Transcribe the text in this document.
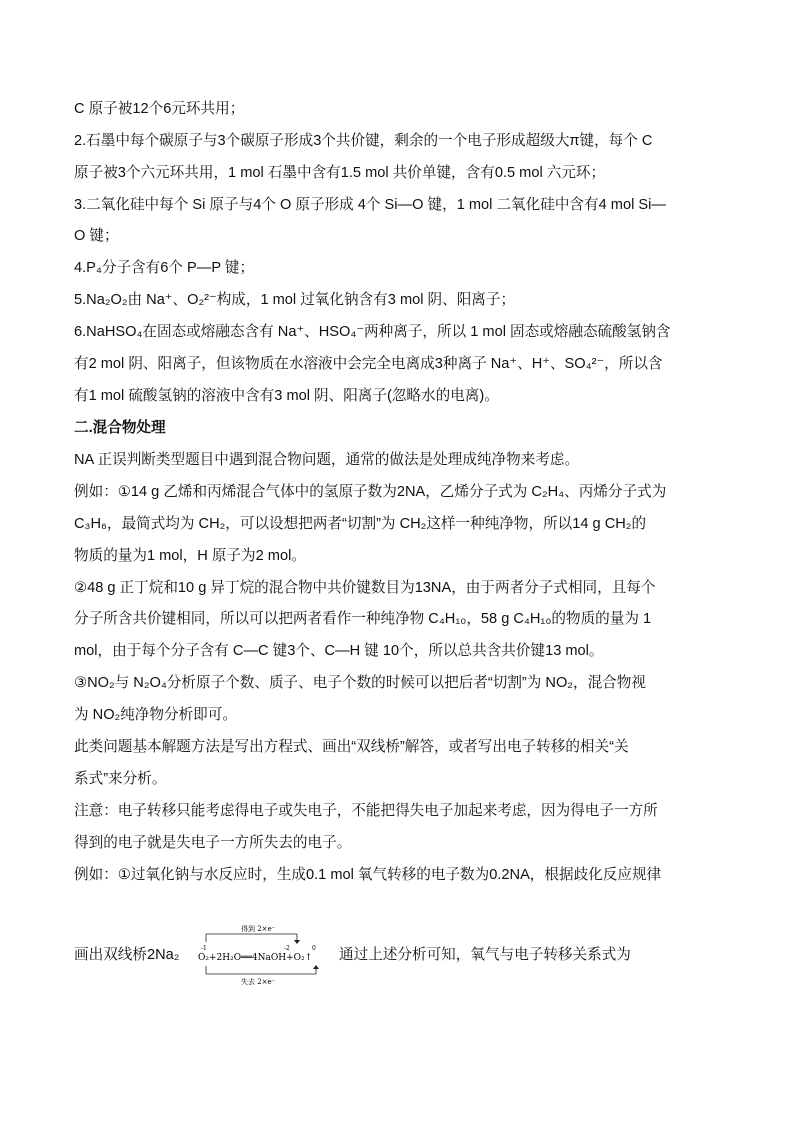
C 原子被12个6元环共用；
2.石墨中每个碳原子与3个碳原子形成3个共价键，剩余的一个电子形成超级大π键，每个 C
原子被3个六元环共用，1 mol 石墨中含有1.5 mol 共价单键，含有0.5 mol 六元环；
3.二氧化硅中每个 Si 原子与4个 O 原子形成 4个 Si—O 键，1 mol 二氧化硅中含有4 mol Si—
O 键；
4.P₄分子含有6个 P—P 键；
5.Na₂O₂由 Na⁺、O₂²⁻构成，1 mol 过氧化钠含有3 mol 阴、阳离子；
6.NaHSO₄在固态或熔融态含有 Na⁺、HSO₄⁻两种离子，所以 1 mol 固态或熔融态硫酸氢钠含
有2 mol 阴、阳离子，但该物质在水溶液中会完全电离成3种离子 Na⁺、H⁺、SO₄²⁻，所以含
有1 mol 硫酸氢钠的溶液中含有3 mol 阴、阳离子(忽略水的电离)。
二.混合物处理
NA 正误判断类型题目中遇到混合物问题，通常的做法是处理成纯净物来考虑。
例如：①14 g 乙烯和丙烯混合气体中的氢原子数为2NA，乙烯分子式为 C₂H₄、丙烯分子式为
C₃H₆，最简式均为 CH₂，可以设想把两者“切割”为 CH₂这样一种纯净物，所以14 g CH₂的
物质的量为1 mol，H 原子为2 mol。
②48 g 正丁烷和10 g 异丁烷的混合物中共价键数目为13NA，由于两者分子式相同，且每个
分子所含共价键相同，所以可以把两者看作一种纯净物 C₄H₁₀，58 g C₄H₁₀的物质的量为 1
mol，由于每个分子含有 C—C 键3个、C—H 键 10个，所以总共含共价键13 mol。
③NO₂与 N₂O₄分析原子个数、质子、电子个数的时候可以把后者“切割”为 NO₂，混合物视
为 NO₂纯净物分析即可。
此类问题基本解题方法是写出方程式、画出“双线桥”解答，或者写出电子转移的相关“关
系式”来分析。
注意：电子转移只能考虑得电子或失电子，不能把得失电子加起来考虑，因为得电子一方所
得到的电子就是失电子一方所失去的电子。
例如：①过氧化钠与水反应时，生成0.1 mol 氧气转移的电子数为0.2NA，根据歧化反应规律
画出双线桥2Na₂
得到 2×e⁻
-1	-2	0
O₂+2H₂O══4NaOH+O₂↑
失去 2×e⁻
通过上述分析可知，氧气与电子转移关系式为
